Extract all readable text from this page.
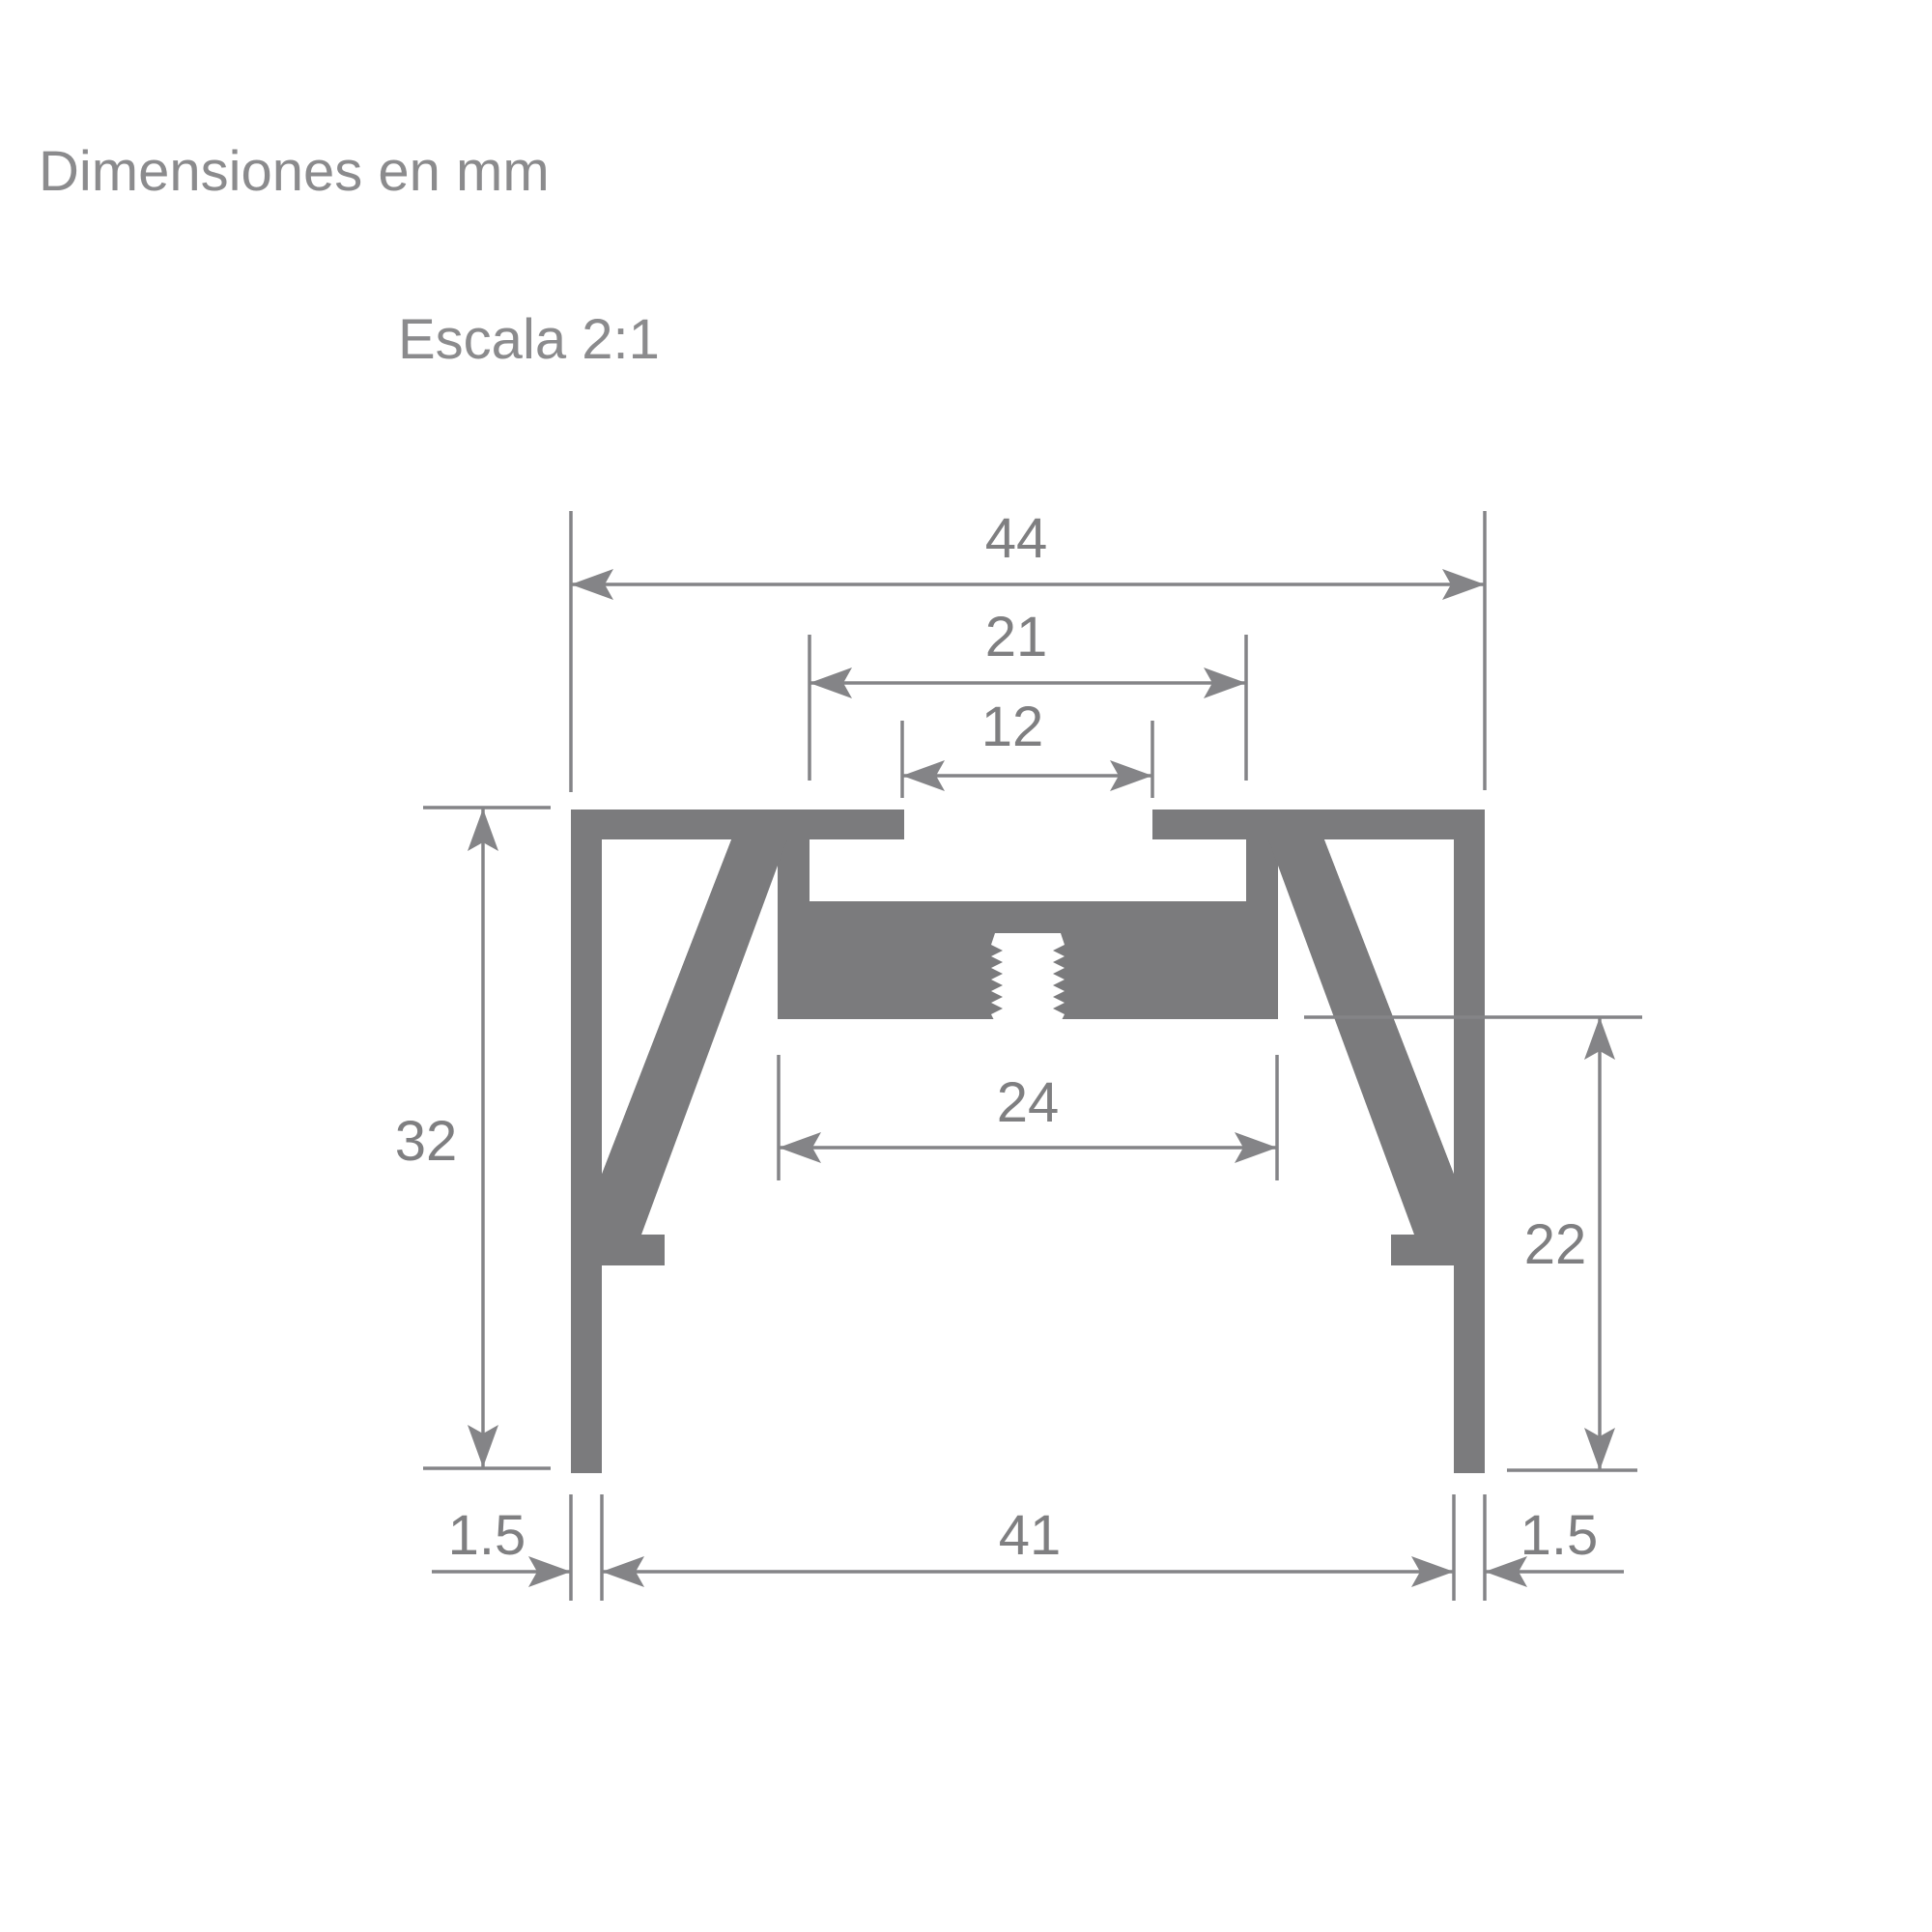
Dimensiones en mm
Escala 2:1
44
21
12
24
32
22
1.5	41	1.5
